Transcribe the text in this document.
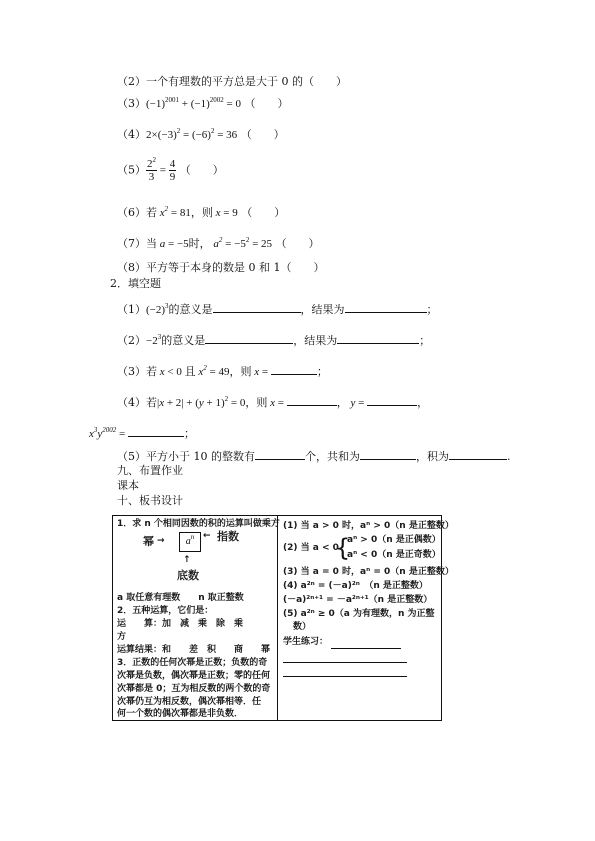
（2）一个有理数的平方总是大于 0 的（　　）
$(3)(-1)^{2001} + (-1)^{2002} = 0$ （　　）
$(4)2\times(-3)^2 = (-6)^2 = 36$ （　　）
$(5) \frac{2^2}{3} = \frac{4}{9}$ （　　）
（6）若 $x^2 = 81$，则 x = 9 （　　）
（7）当 a = −5时， $a^2 = -5^2 = 25$ （　　）
（8）平方等于本身的数是 0 和 1（　　）
2．填空题
$(1)(-2)^3$的意义是	，结果为	；
$(2)-2^3$的意义是	，结果为	；
（3）若 x < 0 且 $x^2 = 49$，则 x =	；
（4）若$|x + 2| + (y + 1)^2 = 0$，则 x =	， y =	，
$x^3y^{2002}$ =	；
（5）平方小于 10 的整数有	个，共和为	，积为	.
九、布置作业
课本
十、板书设计
1．求 n 个相同因数的积的运算叫做乘方
幂 →	$a^n$ ← 指数
↑
底数
a 取任意有理数　　n 取正整数
2．五种运算，它们是：
运　　算：加　减　乘　除　乘
方
运算结果：和　　差　积　　商　　幂
3．正数的任何次幂是正数；负数的奇
次幂是负数，偶次幂是正数；零的任何
次幂都是 0；互为相反数的两个数的奇
次幂仍互为相反数，偶次幂相等．任
何一个数的偶次幂都是非负数．
(1) 当 a > 0 时，aⁿ > 0（n 是正整数）
(2) 当 a < 0
{
aⁿ > 0（n 是正偶数）
aⁿ < 0（n 是正奇数）
(3) 当 a = 0 时，aⁿ = 0（n 是正整数）
(4) a²ⁿ = (－a)²ⁿ　（n 是正整数）
(－a)²ⁿ⁺¹ = －a²ⁿ⁺¹（n 是正整数）
(5) a²ⁿ ≥ 0（a 为有理数，n 为正整
数）
学生练习：
